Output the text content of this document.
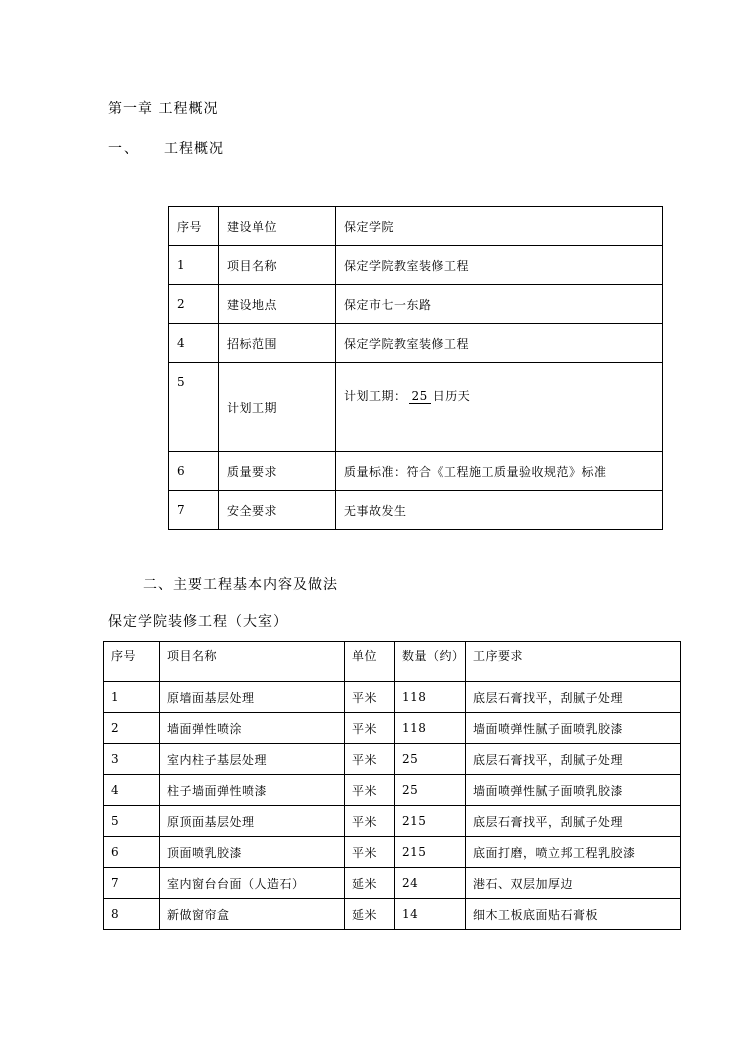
第一章 工程概况
一、 工程概况
序号	建设单位	保定学院
1	项目名称	保定学院教室装修工程
2	建设地点	保定市七一东路
4	招标范围	保定学院教室装修工程
5	计划工期	计划工期： 25 日历天
6	质量要求	质量标准：符合《工程施工质量验收规范》标准
7	安全要求	无事故发生
二、主要工程基本内容及做法
保定学院装修工程（大室）
序号	项目名称	单位	数量（约）	工序要求
1	原墙面基层处理	平米	118	底层石膏找平，刮腻子处理
2	墙面弹性喷涂	平米	118	墙面喷弹性腻子面喷乳胶漆
3	室内柱子基层处理	平米	25	底层石膏找平，刮腻子处理
4	柱子墙面弹性喷漆	平米	25	墙面喷弹性腻子面喷乳胶漆
5	原顶面基层处理	平米	215	底层石膏找平，刮腻子处理
6	顶面喷乳胶漆	平米	215	底面打磨，喷立邦工程乳胶漆
7	室内窗台台面（人造石）	延米	24	港石、双层加厚边
8	新做窗帘盒	延米	14	细木工板底面贴石膏板
